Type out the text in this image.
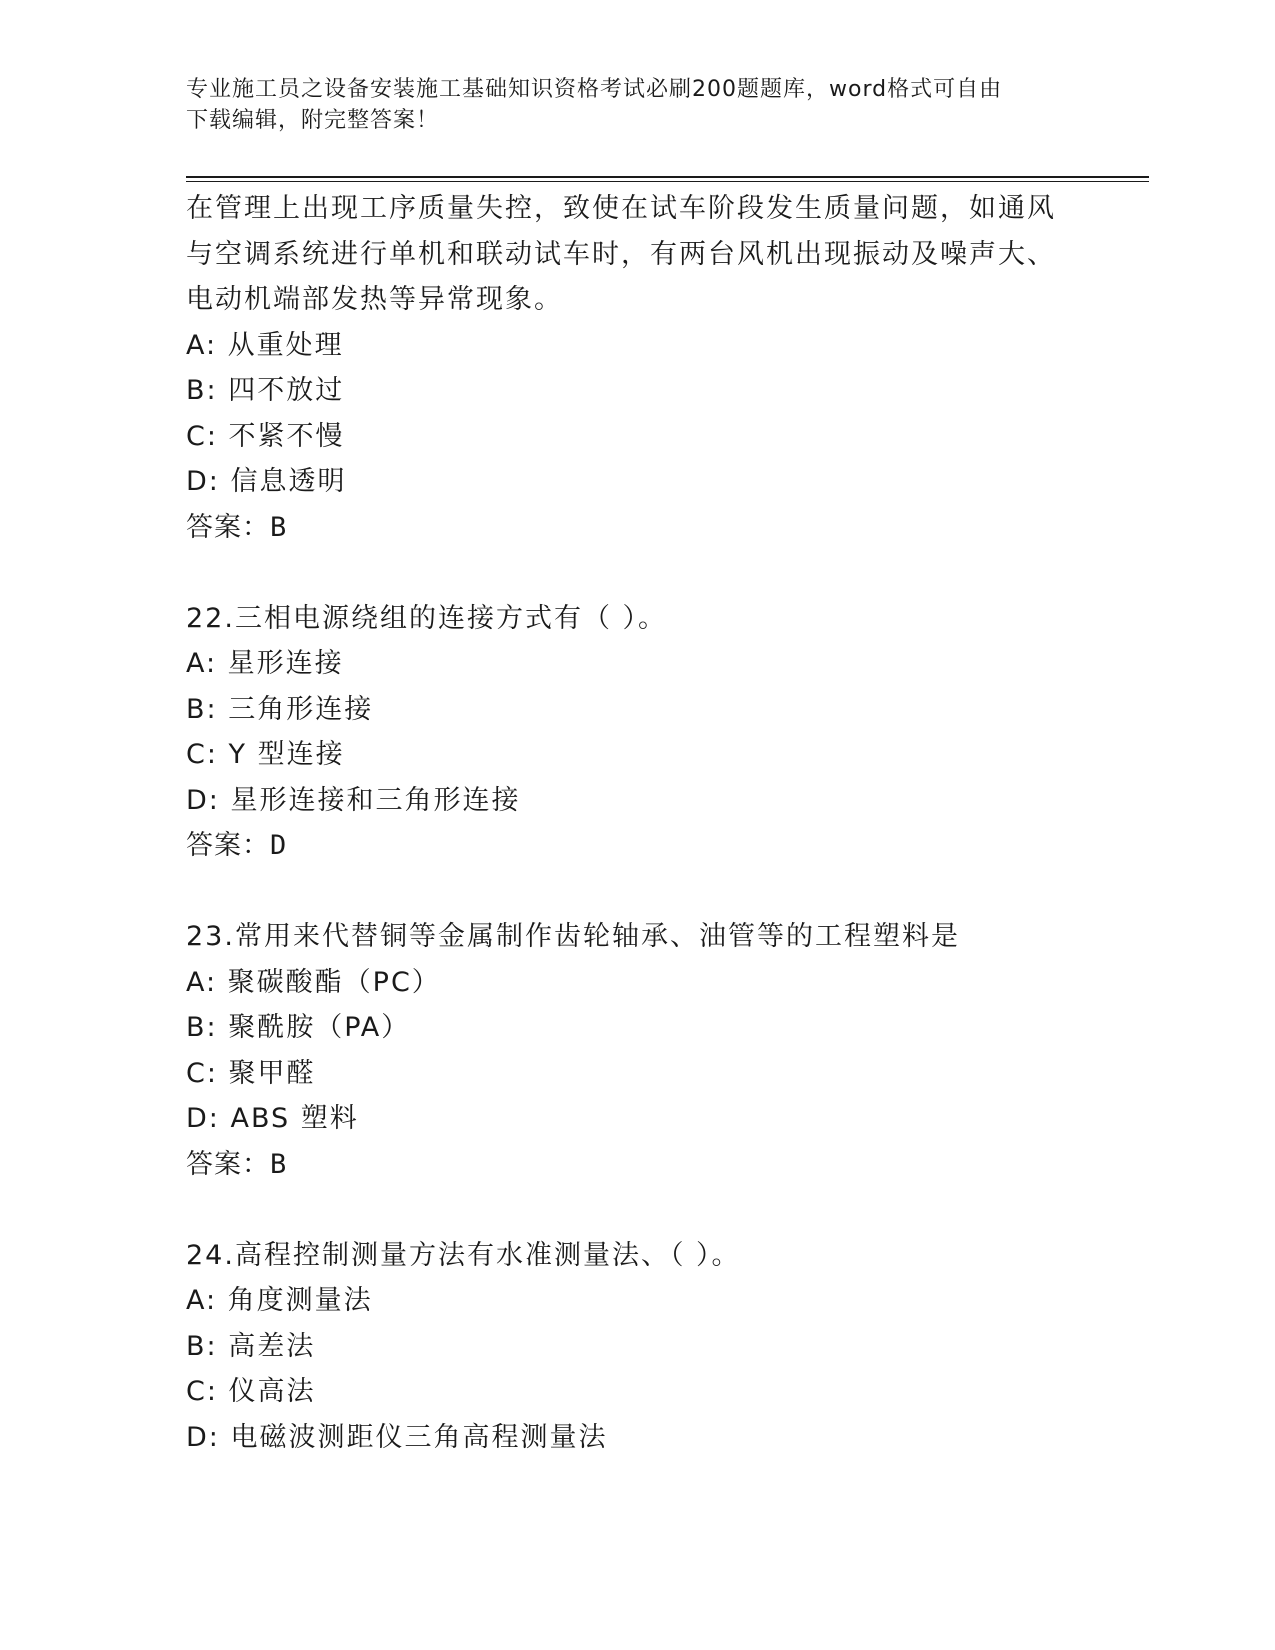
专业施工员之设备安装施工基础知识资格考试必刷200题题库，word格式可自由
下载编辑，附完整答案！
在管理上出现工序质量失控，致使在试车阶段发生质量问题，如通风
与空调系统进行单机和联动试车时，有两台风机出现振动及噪声大、
电动机端部发热等异常现象。
A: 从重处理
B: 四不放过
C: 不紧不慢
D: 信息透明
答案：B
22.三相电源绕组的连接方式有（ ）。
A: 星形连接
B: 三角形连接
C: Y 型连接
D: 星形连接和三角形连接
答案：D
23.常用来代替铜等金属制作齿轮轴承、油管等的工程塑料是
A: 聚碳酸酯（PC）
B: 聚酰胺（PA）
C: 聚甲醛
D: ABS 塑料
答案：B
24.高程控制测量方法有水准测量法、（ ）。
A: 角度测量法
B: 高差法
C: 仪高法
D: 电磁波测距仪三角高程测量法
